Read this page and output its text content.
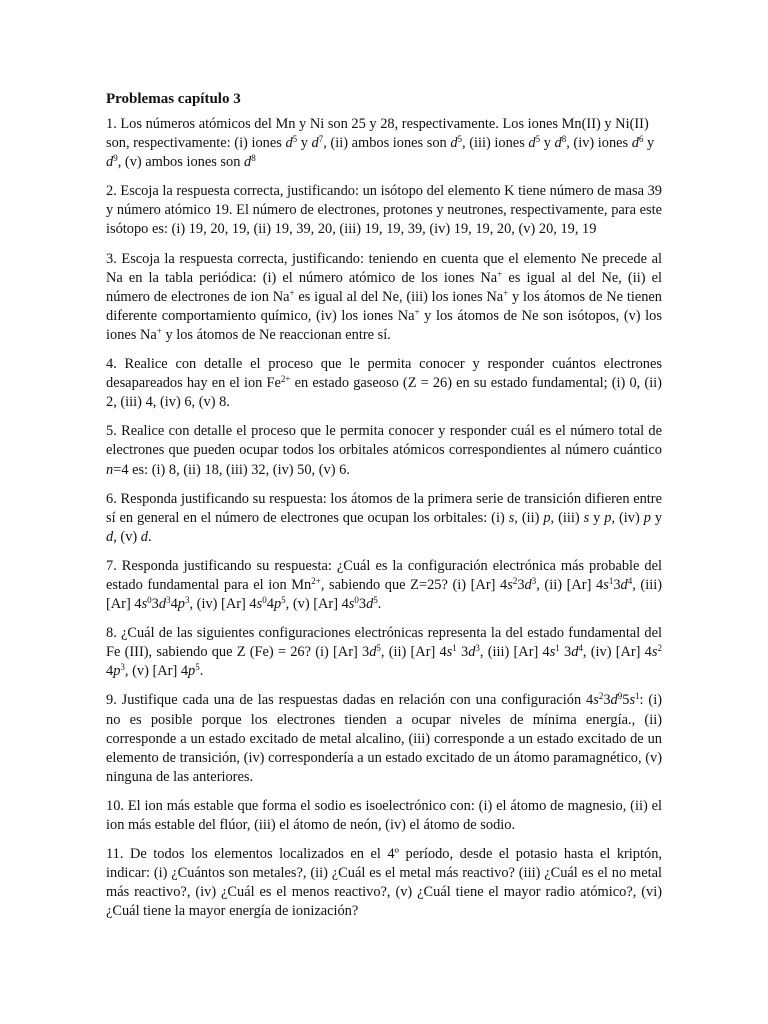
Problemas capítulo 3
1. Los números atómicos del Mn y Ni son 25 y 28, respectivamente. Los iones Mn(II) y Ni(II) son, respectivamente: (i) iones $d^5$ y $d^7$, (ii) ambos iones son $d^5$, (iii) iones $d^5$ y $d^8$, (iv) iones $d^6$ y $d^9$, (v) ambos iones son $d^8$
2. Escoja la respuesta correcta, justificando: un isótopo del elemento K tiene número de masa 39 y número atómico 19. El número de electrones, protones y neutrones, respectivamente, para este isótopo es: (i) 19, 20, 19, (ii) 19, 39, 20, (iii) 19, 19, 39, (iv) 19, 19, 20, (v) 20, 19, 19
3. Escoja la respuesta correcta, justificando: teniendo en cuenta que el elemento Ne precede al Na en la tabla periódica: (i) el número atómico de los iones Na+ es igual al del Ne, (ii) el número de electrones de ion Na+ es igual al del Ne, (iii) los iones Na+ y los átomos de Ne tienen diferente comportamiento químico, (iv) los iones Na+ y los átomos de Ne son isótopos, (v) los iones Na+ y los átomos de Ne reaccionan entre sí.
4. Realice con detalle el proceso que le permita conocer y responder cuántos electrones desapareados hay en el ion $Fe^{2+}$ en estado gaseoso (Z = 26) en su estado fundamental; (i) 0, (ii) 2, (iii) 4, (iv) 6, (v) 8.
5. Realice con detalle el proceso que le permita conocer y responder cuál es el número total de electrones que pueden ocupar todos los orbitales atómicos correspondientes al número cuántico n=4 es: (i) 8, (ii) 18, (iii) 32, (iv) 50, (v) 6.
6. Responda justificando su respuesta: los átomos de la primera serie de transición difieren entre sí en general en el número de electrones que ocupan los orbitales: (i) s, (ii) p, (iii) s y p, (iv) p y d, (v) d.
7. Responda justificando su respuesta: ¿Cuál es la configuración electrónica más probable del estado fundamental para el ion $Mn^{2+}$, sabiendo que Z=25? (i) [Ar] $4s^23d^3$, (ii) [Ar] $4s^13d^4$, (iii) [Ar] $4s^03d^34p^3$, (iv) [Ar] $4s^04p^5$, (v) [Ar] $4s^03d^5$.
8. ¿Cuál de las siguientes configuraciones electrónicas representa la del estado fundamental del Fe (III), sabiendo que Z (Fe) = 26? (i) [Ar] $3d^5$, (ii) [Ar] $4s^1$ $3d^3$, (iii) [Ar] $4s^1$ $3d^4$, (iv) [Ar] $4s^2$ $4p^3$, (v) [Ar] $4p^5$.
9. Justifique cada una de las respuestas dadas en relación con una configuración $4s^23d^95s^1$: (i) no es posible porque los electrones tienden a ocupar niveles de mínima energía., (ii) corresponde a un estado excitado de metal alcalino, (iii) corresponde a un estado excitado de un elemento de transición, (iv) correspondería a un estado excitado de un átomo paramagnético, (v) ninguna de las anteriores.
10. El ion más estable que forma el sodio es isoelectrónico con: (i) el átomo de magnesio, (ii) el ion más estable del flúor, (iii) el átomo de neón, (iv) el átomo de sodio.
11. De todos los elementos localizados en el 4º período, desde el potasio hasta el kriptón, indicar: (i) ¿Cuántos son metales?, (ii) ¿Cuál es el metal más reactivo? (iii) ¿Cuál es el no metal más reactivo?, (iv) ¿Cuál es el menos reactivo?, (v) ¿Cuál tiene el mayor radio atómico?, (vi) ¿Cuál tiene la mayor energía de ionización?
